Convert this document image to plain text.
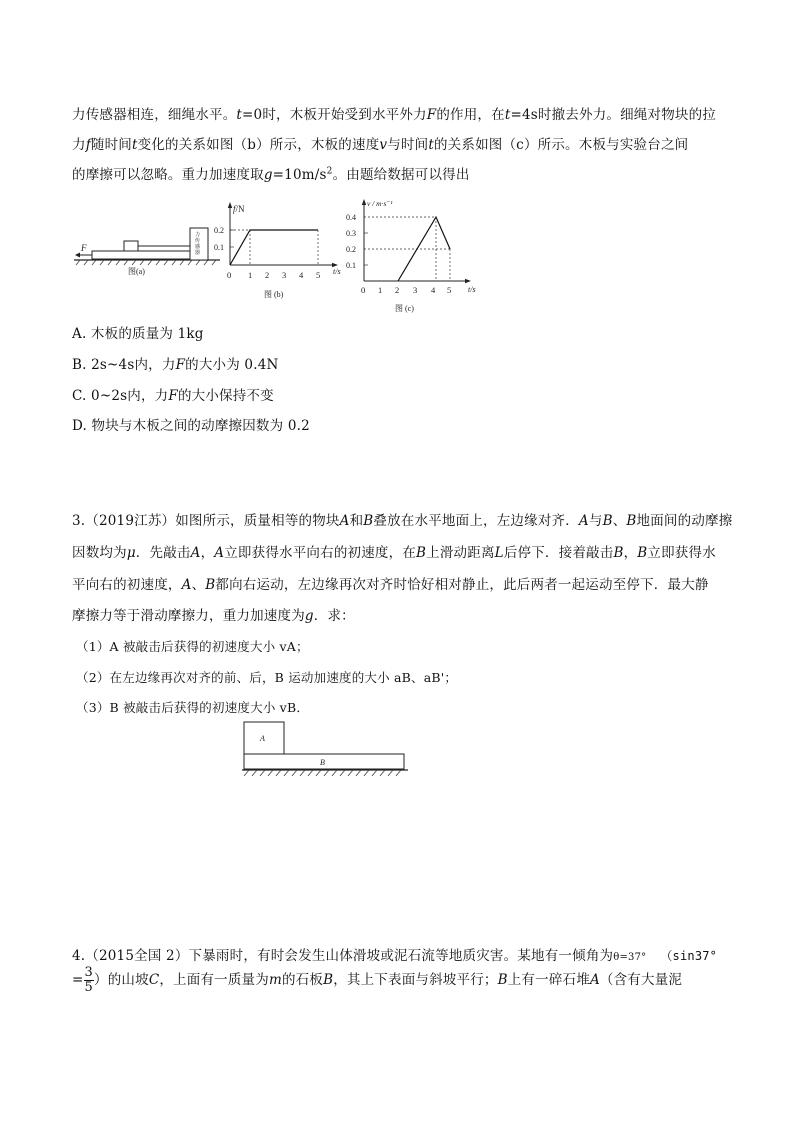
力传感器相连，细绳水平。t=0时，木板开始受到水平外力F的作用，在t=4s时撤去外力。细绳对物块的拉
力f随时间t变化的关系如图（b）所示，木板的速度v与时间t的关系如图（c）所示。木板与实验台之间
的摩擦可以忽略。重力加速度取$g=10m/s^2$。由题给数据可以得出
力
传
感
器
F
图(a)
f/N
0.2
0.1
0 1 2 3 4 5 t/s
图 (b)
v / m·s⁻¹
0.4
0.3
0.2
0.1
0 1 2 3 4 5 t/s
图 (c)
A. 木板的质量为 1kg
B. 2s~4s内，力F的大小为 0.4N
C. 0~2s内，力F的大小保持不变
D. 物块与木板之间的动摩擦因数为 0.2
3.（2019江苏）如图所示，质量相等的物块A和B叠放在水平地面上，左边缘对齐．A与B、B地面间的动摩擦
因数均为μ．先敲击A，A立即获得水平向右的初速度，在B上滑动距离L后停下．接着敲击B，B立即获得水
平向右的初速度，A、B都向右运动，左边缘再次对齐时恰好相对静止，此后两者一起运动至停下．最大静
摩擦力等于滑动摩擦力，重力加速度为g．求：
（1）A 被敲击后获得的初速度大小 vA；
（2）在左边缘再次对齐的前、后，B 运动加速度的大小 aB、aB'；
（3）B 被敲击后获得的初速度大小 vB．
A
B
4.（2015全国 2）下暴雨时，有时会发生山体滑坡或泥石流等地质灾害。某地有一倾角为θ=37° （sin37°
= $\frac{3}{5}$ ）的山坡C，上面有一质量为m的石板B，其上下表面与斜坡平行；B上有一碎石堆A（含有大量泥
